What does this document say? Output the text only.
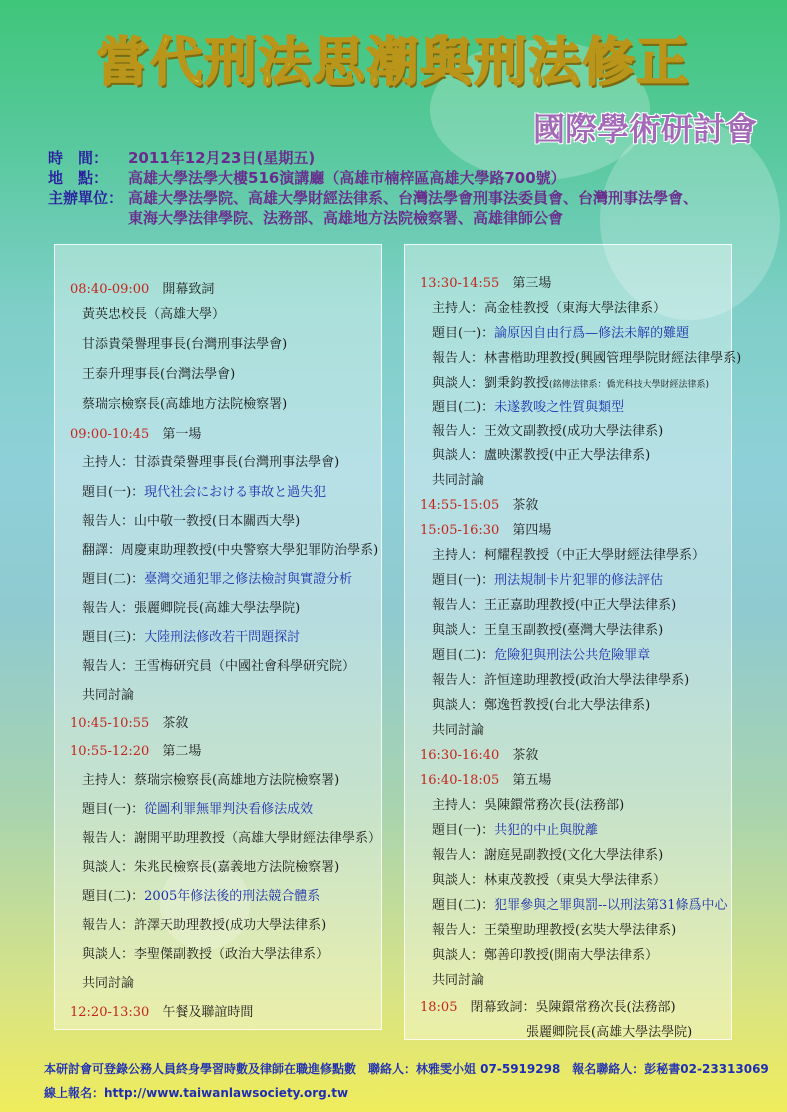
當代刑法思潮與刑法修正
國際學術研討會
時　間：	2011年12月23日(星期五)
地　點：	高雄大學法學大樓516演講廳（高雄市楠梓區高雄大學路700號）
主辦單位： 高雄大學法學院、高雄大學財經法律系、台灣法學會刑事法委員會、台灣刑事法學會、
東海大學法律學院、法務部、高雄地方法院檢察署、高雄律師公會
08:40-09:00　 開幕致詞
黃英忠校長（高雄大學）
甘添貴榮譽理事長(台灣刑事法學會)
王泰升理事長(台灣法學會)
蔡瑞宗檢察長(高雄地方法院檢察署)
09:00-10:45　 第一場
主持人：甘添貴榮譽理事長(台灣刑事法學會)
題目(一)：現代社会における事故と過失犯
報告人：山中敬一教授(日本關西大學)
翻譯：周慶東助理教授(中央警察大學犯罪防治學系)
題目(二)：臺灣交通犯罪之修法檢討與實證分析
報告人：張麗卿院長(高雄大學法學院)
題目(三)：大陸刑法修改若干問題探討
報告人：王雪梅研究員（中國社會科學研究院）
共同討論
10:45-10:55　 茶敘
10:55-12:20　 第二場
主持人：蔡瑞宗檢察長(高雄地方法院檢察署)
題目(一)：從圖利罪無罪判決看修法成效
報告人：謝開平助理教授（高雄大學財經法律學系）
與談人：朱兆民檢察長(嘉義地方法院檢察署)
題目(二)：2005年修法後的刑法競合體系
報告人：許澤天助理教授(成功大學法律系)
與談人：李聖傑副教授（政治大學法律系）
共同討論
12:20-13:30　 午餐及聯誼時間
13:30-14:55　 第三場
主持人：高金桂教授（東海大學法律系）
題目(一)：論原因自由行爲—修法未解的難題
報告人：林書楷助理教授(興國管理學院財經法律學系)
與談人：劉秉鈞教授(銘傳法律系：僑光科技大學財經法律系)
題目(二)：未遂教唆之性質與類型
報告人：王效文副教授(成功大學法律系)
與談人：盧映潔教授(中正大學法律系)
共同討論
14:55-15:05　 茶敘
15:05-16:30　 第四場
主持人：柯耀程教授（中正大學財經法律學系）
題目(一)：刑法規制卡片犯罪的修法評估
報告人：王正嘉助理教授(中正大學法律系)
與談人：王皇玉副教授(臺灣大學法律系)
題目(二)：危險犯與刑法公共危險罪章
報告人：許恒達助理教授(政治大學法律學系)
與談人：鄭逸哲教授(台北大學法律系)
共同討論
16:30-16:40　 茶敘
16:40-18:05　 第五場
主持人：吳陳鐶常務次長(法務部)
題目(一)：共犯的中止與脫離
報告人：謝庭晃副教授(文化大學法律系)
與談人：林東茂教授（東吳大學法律系）
題目(二)：犯罪參與之罪與罰--以刑法第31條爲中心
報告人：王榮聖助理教授(玄奘大學法律系)
與談人：鄭善印教授(開南大學法律系）
共同討論
18:05　 閉幕致詞：吳陳鐶常務次長(法務部)
張麗卿院長(高雄大學法學院)
本研討會可登錄公務人員終身學習時數及律師在職進修點數　聯絡人：林雅雯小姐 07-5919298　報名聯絡人：彭秘書02-23313069
線上報名：http://www.taiwanlawsociety.org.tw
